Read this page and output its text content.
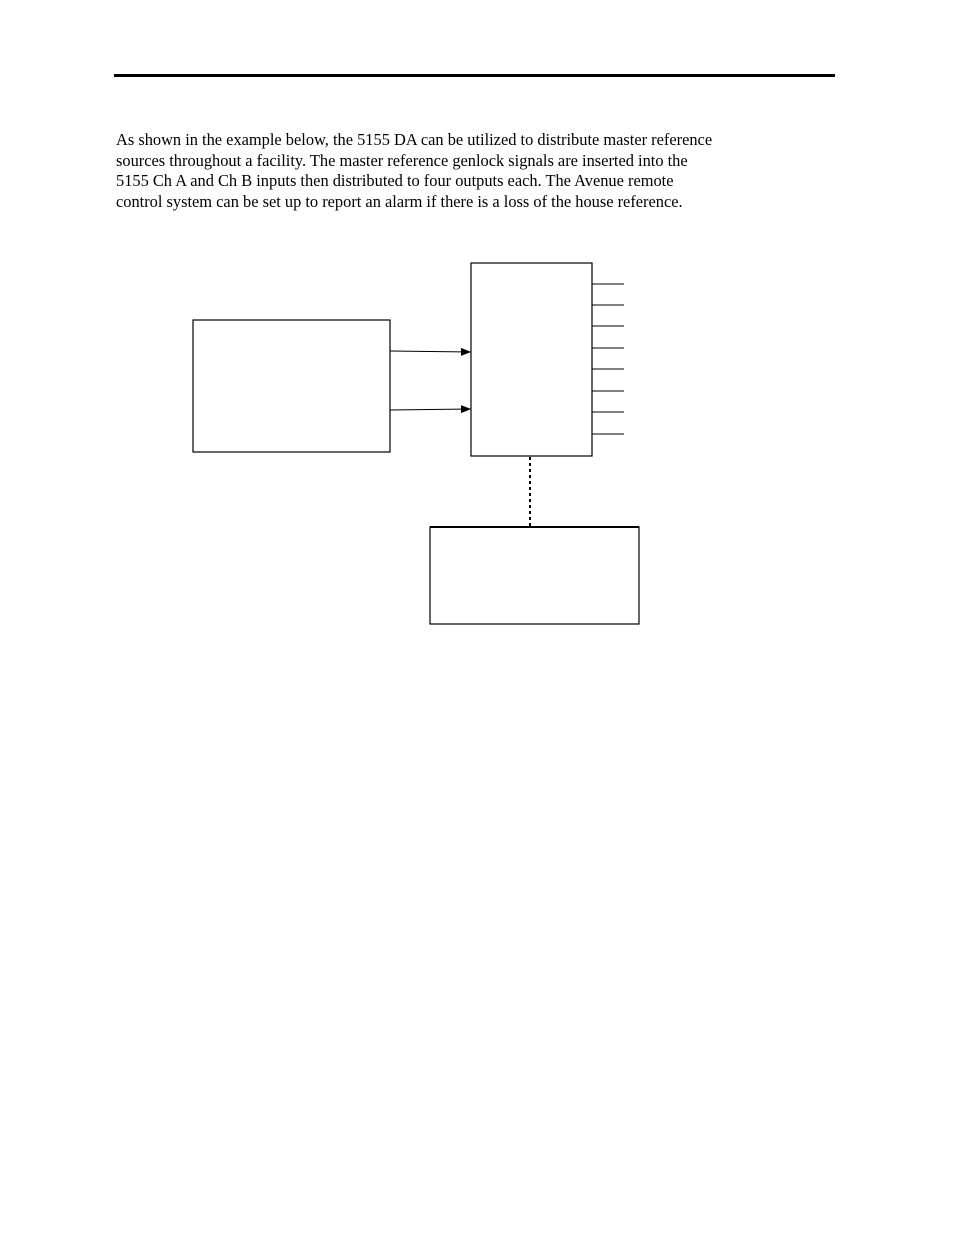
As shown in the example below, the 5155 DA can be utilized to distribute master reference
sources throughout a facility. The master reference genlock signals are inserted into the
5155 Ch A and Ch B inputs then distributed to four outputs each. The Avenue remote
control system can be set up to report an alarm if there is a loss of the house reference.
